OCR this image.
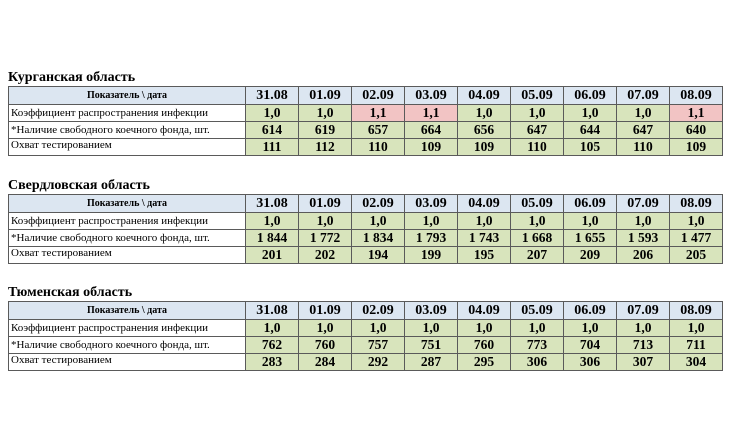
Курганская область
Показатель \ дата	31.08	01.09	02.09	03.09	04.09	05.09	06.09	07.09	08.09
Коэффициент распространения инфекции	1,0	1,0	1,1	1,1	1,0	1,0	1,0	1,0	1,1
*Наличие свободного коечного фонда, шт.	614	619	657	664	656	647	644	647	640
Охват тестированием	111	112	110	109	109	110	105	110	109
Свердловская область
Показатель \ дата	31.08	01.09	02.09	03.09	04.09	05.09	06.09	07.09	08.09
Коэффициент распространения инфекции	1,0	1,0	1,0	1,0	1,0	1,0	1,0	1,0	1,0
*Наличие свободного коечного фонда, шт.	1 844	1 772	1 834	1 793	1 743	1 668	1 655	1 593	1 477
Охват тестированием	201	202	194	199	195	207	209	206	205
Тюменская область
Показатель \ дата	31.08	01.09	02.09	03.09	04.09	05.09	06.09	07.09	08.09
Коэффициент распространения инфекции	1,0	1,0	1,0	1,0	1,0	1,0	1,0	1,0	1,0
*Наличие свободного коечного фонда, шт.	762	760	757	751	760	773	704	713	711
Охват тестированием	283	284	292	287	295	306	306	307	304
